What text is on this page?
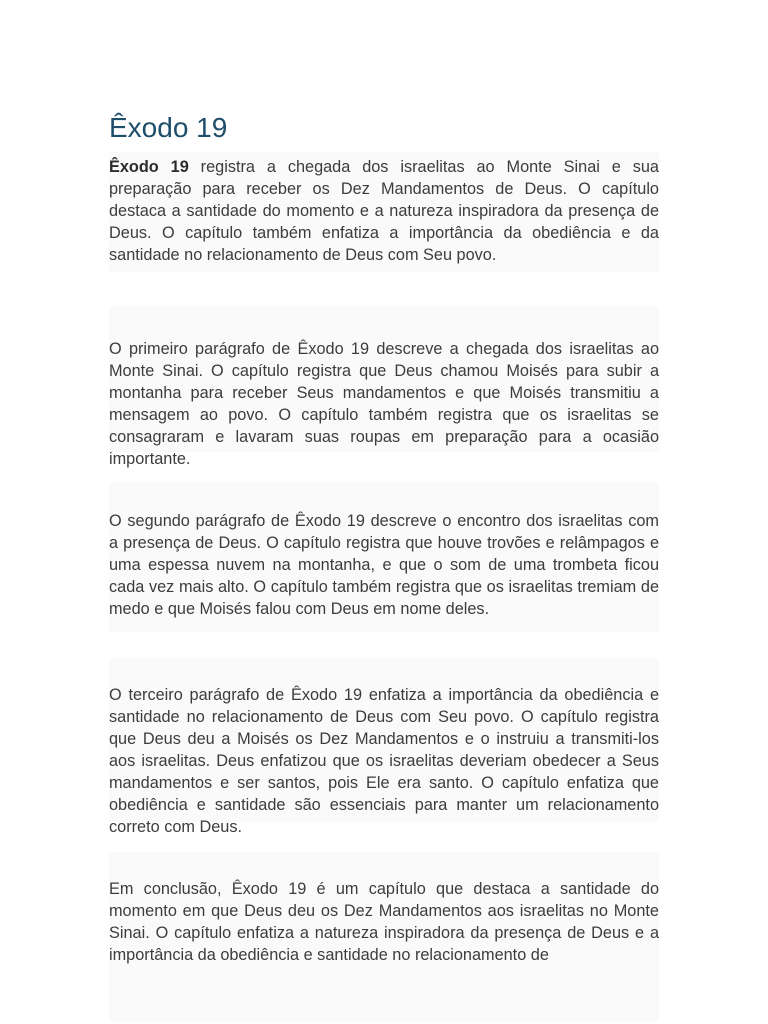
Êxodo 19

Êxodo 19 registra a chegada dos israelitas ao Monte Sinai e sua preparação para receber os Dez Mandamentos de Deus. O capítulo destaca a santidade do momento e a natureza inspiradora da presença de Deus. O capítulo também enfatiza a importância da obediência e da santidade no relacionamento de Deus com Seu povo.

O primeiro parágrafo de Êxodo 19 descreve a chegada dos israelitas ao Monte Sinai. O capítulo registra que Deus chamou Moisés para subir a montanha para receber Seus mandamentos e que Moisés transmitiu a mensagem ao povo. O capítulo também registra que os israelitas se consagraram e lavaram suas roupas em preparação para a ocasião importante.

O segundo parágrafo de Êxodo 19 descreve o encontro dos israelitas com a presença de Deus. O capítulo registra que houve trovões e relâmpagos e uma espessa nuvem na montanha, e que o som de uma trombeta ficou cada vez mais alto. O capítulo também registra que os israelitas tremiam de medo e que Moisés falou com Deus em nome deles.

O terceiro parágrafo de Êxodo 19 enfatiza a importância da obediência e santidade no relacionamento de Deus com Seu povo. O capítulo registra que Deus deu a Moisés os Dez Mandamentos e o instruiu a transmiti-los aos israelitas. Deus enfatizou que os israelitas deveriam obedecer a Seus mandamentos e ser santos, pois Ele era santo. O capítulo enfatiza que obediência e santidade são essenciais para manter um relacionamento correto com Deus.

Em conclusão, Êxodo 19 é um capítulo que destaca a santidade do momento em que Deus deu os Dez Mandamentos aos israelitas no Monte Sinai. O capítulo enfatiza a natureza inspiradora da presença de Deus e a importância da obediência e santidade no relacionamento de
